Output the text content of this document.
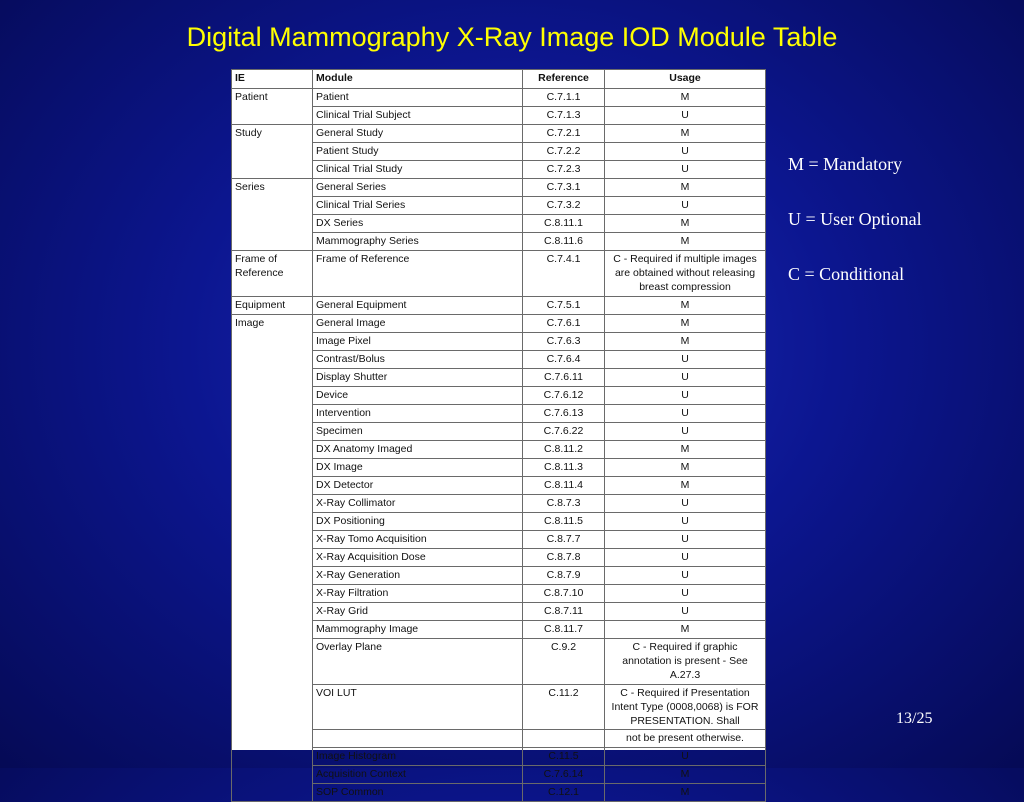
Digital Mammography X-Ray Image IOD Module Table
IE	Module	Reference	Usage
Patient	Patient	C.7.1.1	M
	Clinical Trial Subject	C.7.1.3	U
Study	General Study	C.7.2.1	M
	Patient Study	C.7.2.2	U
	Clinical Trial Study	C.7.2.3	U
Series	General Series	C.7.3.1	M
	Clinical Trial Series	C.7.3.2	U
	DX Series	C.8.11.1	M
	Mammography Series	C.8.11.6	M
Frame of Reference	Frame of Reference	C.7.4.1	C - Required if multiple images are obtained without releasing breast compression
Equipment	General Equipment	C.7.5.1	M
Image	General Image	C.7.6.1	M
	Image Pixel	C.7.6.3	M
	Contrast/Bolus	C.7.6.4	U
	Display Shutter	C.7.6.11	U
	Device	C.7.6.12	U
	Intervention	C.7.6.13	U
	Specimen	C.7.6.22	U
	DX Anatomy Imaged	C.8.11.2	M
	DX Image	C.8.11.3	M
	DX Detector	C.8.11.4	M
	X-Ray Collimator	C.8.7.3	U
	DX Positioning	C.8.11.5	U
	X-Ray Tomo Acquisition	C.8.7.7	U
	X-Ray Acquisition Dose	C.8.7.8	U
	X-Ray Generation	C.8.7.9	U
	X-Ray Filtration	C.8.7.10	U
	X-Ray Grid	C.8.7.11	U
	Mammography Image	C.8.11.7	M
	Overlay Plane	C.9.2	C - Required if graphic annotation is present - See A.27.3
	VOI LUT	C.11.2	C - Required if Presentation Intent Type (0008,0068) is FOR PRESENTATION. Shall
			not be present otherwise.
	Image Histogram	C.11.5	U
	Acquisition Context	C.7.6.14	M
	SOP Common	C.12.1	M
M = Mandatory
U = User Optional
C = Conditional
13/25
